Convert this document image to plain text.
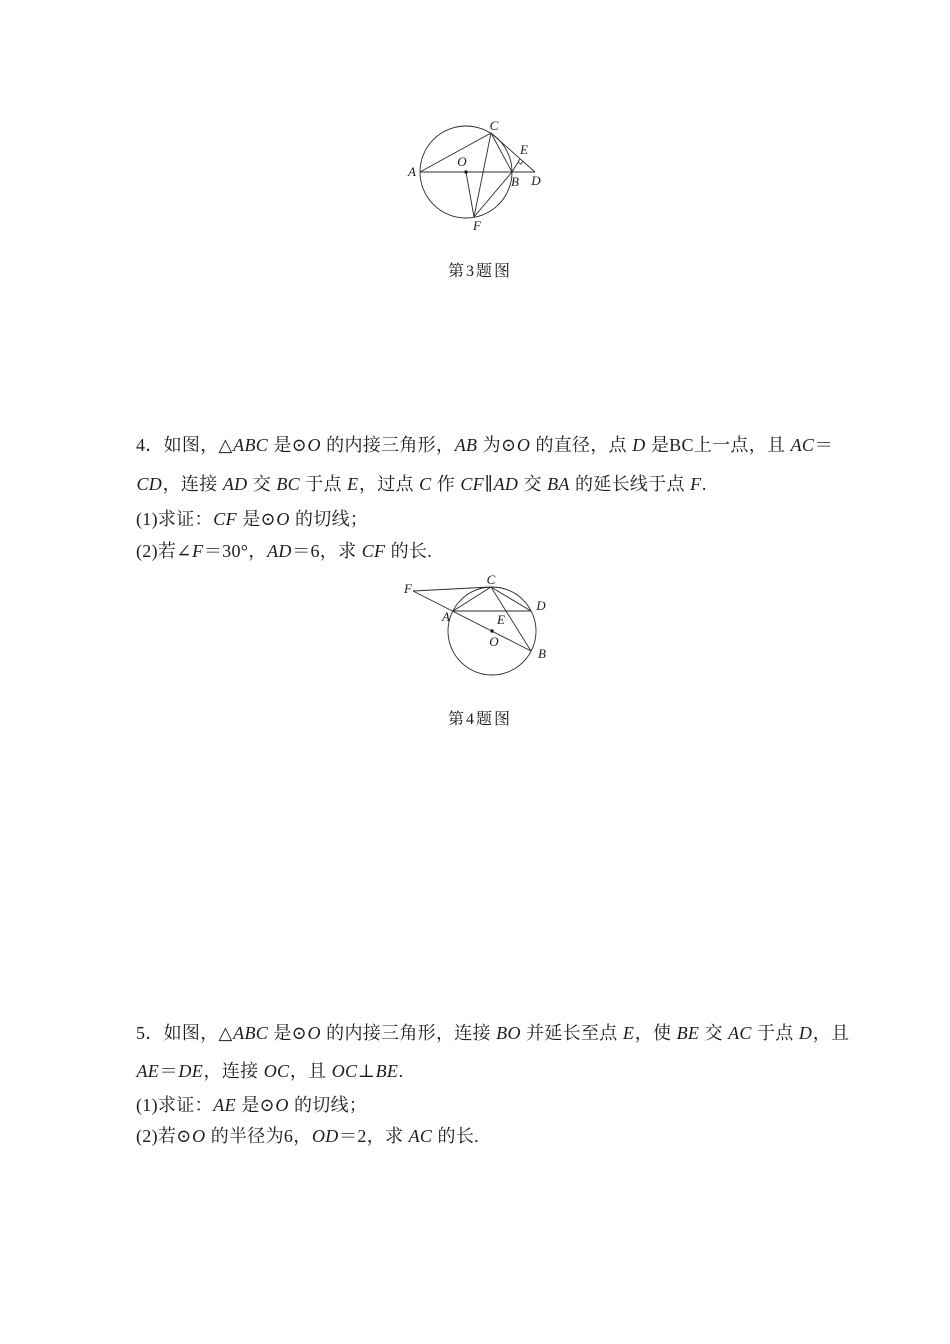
A
O
C
E
B D
F
第3题图
4．如图，△ABC 是⊙O 的内接三角形，AB 为⊙O 的直径，点 D 是BC上一点，且 AC＝
CD，连接 AD 交 BC 于点 E，过点 C 作 CF∥AD 交 BA 的延长线于点 F.
(1)求证：CF 是⊙O 的切线；
(2)若∠F＝30°，AD＝6，求 CF 的长.
F
C
D
A	E
O
B
第4题图
5．如图，△ABC 是⊙O 的内接三角形，连接 BO 并延长至点 E，使 BE 交 AC 于点 D，且
AE＝DE，连接 OC，且 OC⊥BE.
(1)求证：AE 是⊙O 的切线；
(2)若⊙O 的半径为6，OD＝2，求 AC 的长.
